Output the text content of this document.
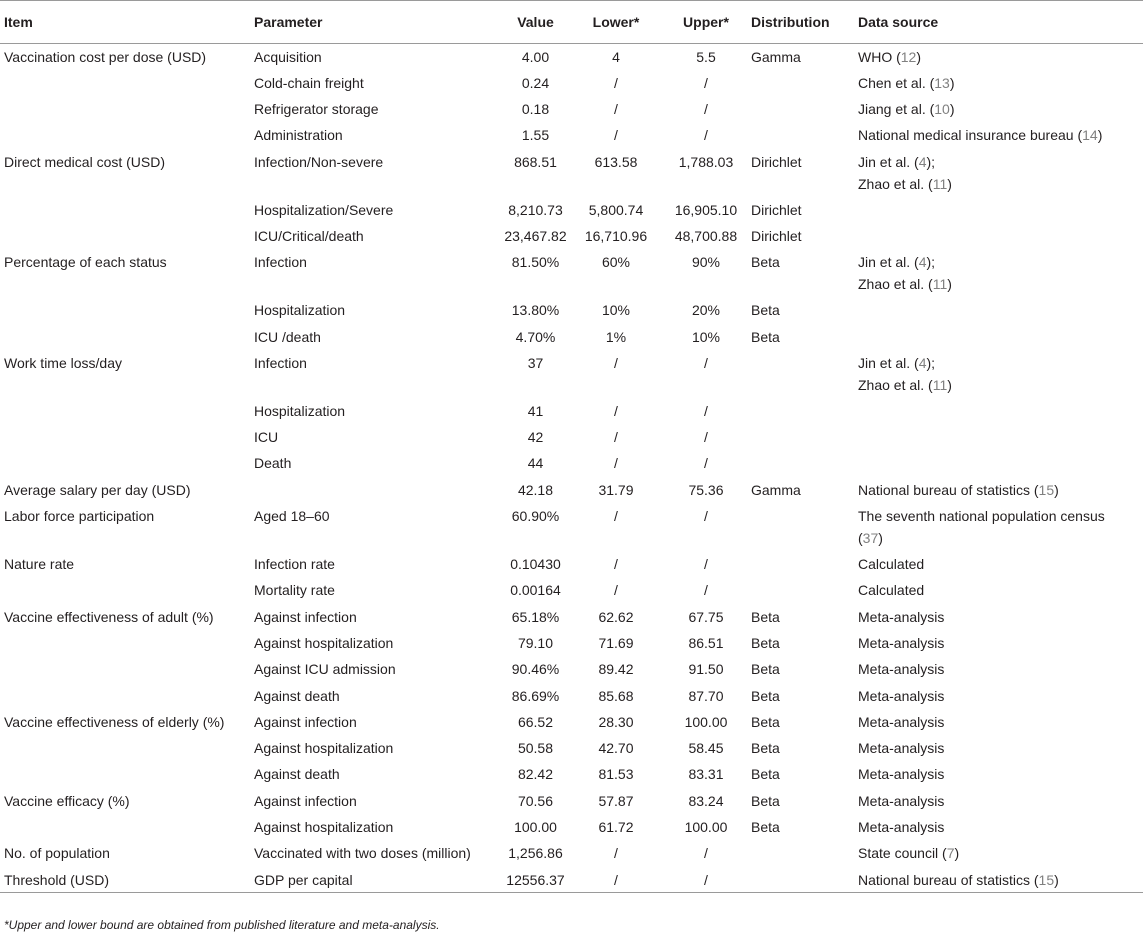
Item	Parameter	Value	Lower*	Upper*	Distribution	Data source
Vaccination cost per dose (USD)	Acquisition	4.00	4	5.5	Gamma	WHO (12)

	Cold-chain freight	0.24	/	/		Chen et al. (13)

	Refrigerator storage	0.18	/	/		Jiang et al. (10)

	Administration	1.55	/	/		National medical insurance bureau (14)

Direct medical cost (USD)	Infection/Non-severe	868.51	613.58	1,788.03	Dirichlet	Jin et al. (4);
Zhao et al. (11)

	Hospitalization/Severe	8,210.73	5,800.74	16,905.10	Dirichlet	

	ICU/Critical/death	23,467.82	16,710.96	48,700.88	Dirichlet	

Percentage of each status	Infection	81.50%	60%	90%	Beta	Jin et al. (4);
Zhao et al. (11)

	Hospitalization	13.80%	10%	20%	Beta	

	ICU /death	4.70%	1%	10%	Beta	

Work time loss/day	Infection	37	/	/		Jin et al. (4);
Zhao et al. (11)

	Hospitalization	41	/	/		

	ICU	42	/	/		

	Death	44	/	/		

Average salary per day (USD)		42.18	31.79	75.36	Gamma	National bureau of statistics (15)

Labor force participation	Aged 18–60	60.90%	/	/		The seventh national population census
(37)

Nature rate	Infection rate	0.10430	/	/		Calculated

	Mortality rate	0.00164	/	/		Calculated

Vaccine effectiveness of adult (%)	Against infection	65.18%	62.62	67.75	Beta	Meta-analysis

	Against hospitalization	79.10	71.69	86.51	Beta	Meta-analysis

	Against ICU admission	90.46%	89.42	91.50	Beta	Meta-analysis

	Against death	86.69%	85.68	87.70	Beta	Meta-analysis

Vaccine effectiveness of elderly (%)	Against infection	66.52	28.30	100.00	Beta	Meta-analysis

	Against hospitalization	50.58	42.70	58.45	Beta	Meta-analysis

	Against death	82.42	81.53	83.31	Beta	Meta-analysis

Vaccine efficacy (%)	Against infection	70.56	57.87	83.24	Beta	Meta-analysis

	Against hospitalization	100.00	61.72	100.00	Beta	Meta-analysis

No. of population	Vaccinated with two doses (million)	1,256.86	/	/		State council (7)

Threshold (USD)	GDP per capital	12556.37	/	/		National bureau of statistics (15)
*Upper and lower bound are obtained from published literature and meta-analysis.
